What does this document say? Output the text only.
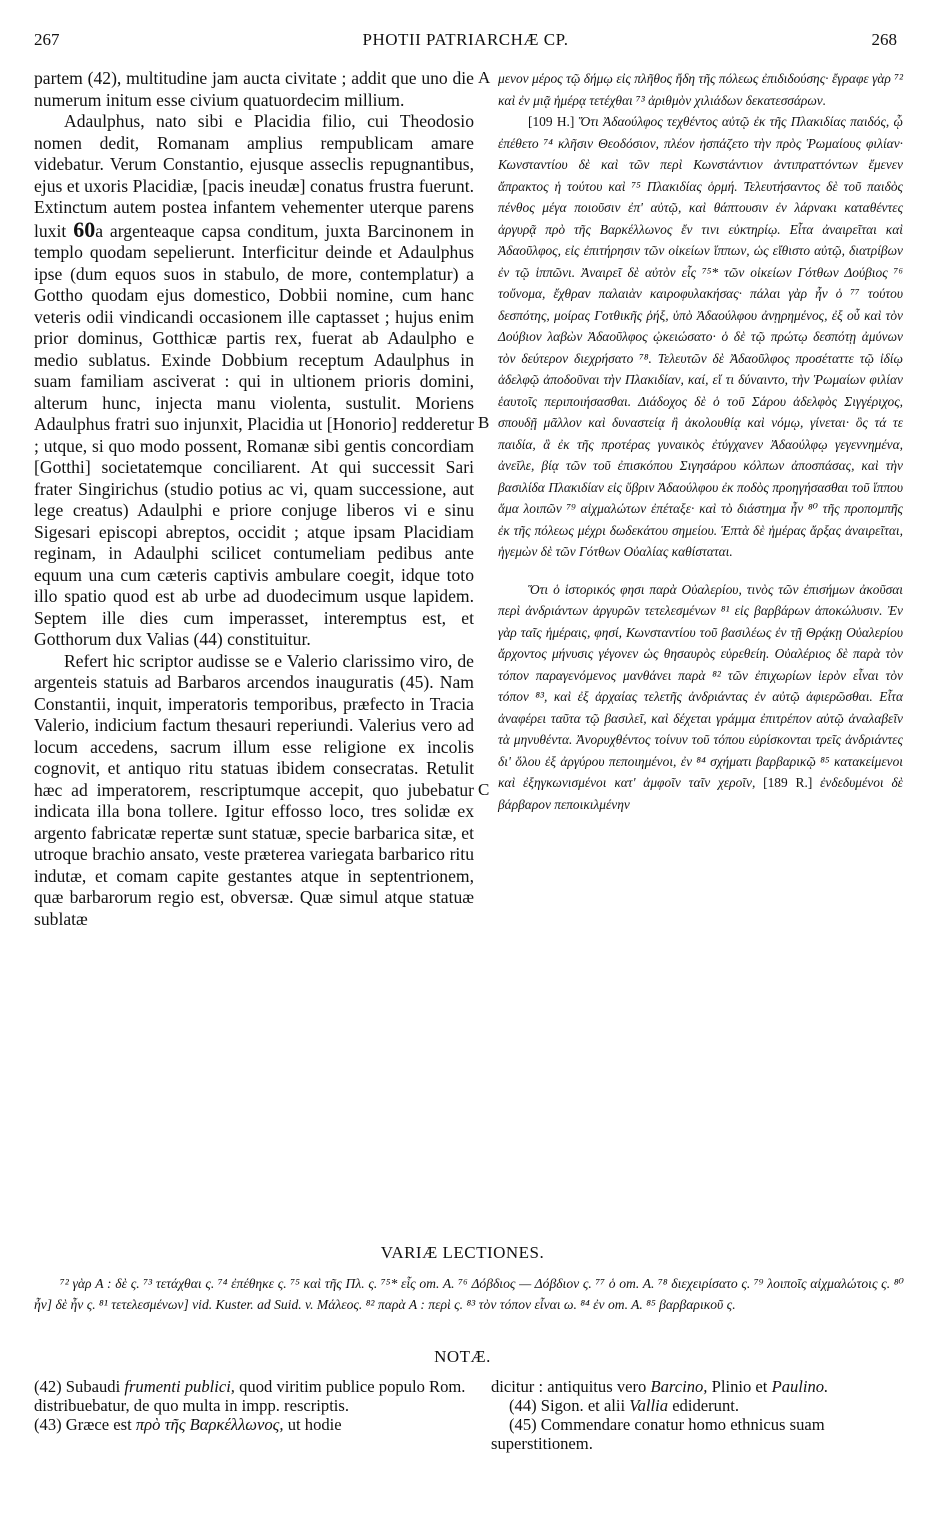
267	PHOTII PATRIARCHÆ CP.	268

partem (42), multitudine jam aucta civitate ; addit que uno die numerum initum esse civium quatuordecim millium.

Adaulphus, nato sibi e Placidia filio, cui Theodosio nomen dedit, Romanam amplius rempublicam amare videbatur. Verum Constantio, ejusque asseclis repugnantibus, ejus et uxoris Placidiæ, [pacis ineudæ] conatus frustra fuerunt. Extinctum autem postea infantem vehementer uterque parens luxit 60a argenteaque capsa conditum, juxta Barcinonem in templo quodam sepelierunt. Interficitur deinde et Adaulphus ipse (dum equos suos in stabulo, de more, contemplatur) a Gottho quodam ejus domestico, Dobbii nomine, cum hanc veteris odii vindicandi occasionem ille captasset ; hujus enim prior dominus, Gotthicæ partis rex, fuerat ab Adaulpho e medio sublatus. Exinde Dobbium receptum Adaulphus in suam familiam asciverat : qui in ultionem prioris domini, alterum hunc, injecta manu violenta, sustulit. Moriens Adaulphus fratri suo injunxit, Placidia ut [Honorio] redderetur ; utque, si quo modo possent, Romanæ sibi gentis concordiam [Gotthi] societatemque conciliarent. At qui successit Sari frater Singirichus (studio potius ac vi, quam successione, aut lege creatus) Adaulphi e priore conjuge liberos vi e sinu Sigesari episcopi abreptos, occidit ; atque ipsam Placidiam reginam, in Adaulphi scilicet contumeliam pedibus ante equum una cum cæteris captivis ambulare coegit, idque toto illo spatio quod est ab urbe ad duodecimum usque lapidem. Septem ille dies cum imperasset, interemptus est, et Gotthorum dux Valias (44) constituitur.

Refert hic scriptor audisse se e Valerio clarissimo viro, de argenteis statuis ad Barbaros arcendos inauguratis (45). Nam Constantii, inquit, imperatoris temporibus, præfecto in Tracia Valerio, indicium factum thesauri reperiundi. Valerius vero ad locum accedens, sacrum illum esse religione ex incolis cognovit, et antiquo ritu statuas ibidem consecratas. Retulit hæc ad imperatorem, rescriptumque accepit, quo jubebatur indicata illa bona tollere. Igitur effosso loco, tres solidæ ex argento fabricatæ repertæ sunt statuæ, specie barbarica sitæ, et utroque brachio ansato, veste præterea variegata barbarico ritu indutæ, et comam capite gestantes atque in septentrionem, quæ barbarorum regio est, obversæ. Quæ simul atque statuæ sublatæ

A
B
C

μενον μέρος τῷ δήμῳ εἰς πλῆθος ἤδη τῆς πόλεως ἐπιδιδούσης· ἔγραφε γὰρ ⁷² καὶ ἐν μιᾷ ἡμέρᾳ τετέχθαι ⁷³ ἀριθμὸν χιλιάδων δεκατεσσάρων.

[109 H.] Ὅτι Ἀδαούλφος τεχθέντος αὐτῷ ἐκ τῆς Πλακιδίας παιδός, ᾧ ἐπέθετο ⁷⁴ κλῆσιν Θεοδόσιον, πλέον ἠσπάζετο τὴν πρὸς Ῥωμαίους φιλίαν· Κωνσταντίου δὲ καὶ τῶν περὶ Κωνστάντιον ἀντιπραττόντων ἔμενεν ἄπρακτος ἡ τούτου καὶ ⁷⁵ Πλακιδίας ὁρμή. Τελευτήσαντος δὲ τοῦ παιδὸς πένθος μέγα ποιοῦσιν ἐπ' αὐτῷ, καὶ θάπτουσιν ἐν λάρνακι καταθέντες ἀργυρᾷ πρὸ τῆς Βαρκέλλωνος ἔν τινι εὐκτηρίῳ. Εἶτα ἀναιρεῖται καὶ Ἀδαοῦλφος, εἰς ἐπιτήρησιν τῶν οἰκείων ἵππων, ὡς εἴθιστο αὐτῷ, διατρίβων ἐν τῷ ἱππῶνι. Ἀναιρεῖ δὲ αὐτὸν εἷς ⁷⁵* τῶν οἰκείων Γότθων Δούβιος ⁷⁶ τοὔνομα, ἔχθραν παλαιὰν καιροφυλακήσας· πάλαι γὰρ ἦν ὁ ⁷⁷ τούτου δεσπότης, μοίρας Γοτθικῆς ῥήξ, ὑπὸ Ἀδαούλφου ἀνῃρημένος, ἐξ οὗ καὶ τὸν Δούβιον λαβὼν Ἀδαοῦλφος ᾠκειώσατο· ὁ δὲ τῷ πρώτῳ δεσπότῃ ἀμύνων τὸν δεύτερον διεχρήσατο ⁷⁸. Τελευτῶν δὲ Ἀδαοῦλφος προσέταττε τῷ ἰδίῳ ἀδελφῷ ἀποδοῦναι τὴν Πλακιδίαν, καί, εἴ τι δύναιντο, τὴν Ῥωμαίων φιλίαν ἑαυτοῖς περιποιήσασθαι. Διάδοχος δὲ ὁ τοῦ Σάρου ἀδελφὸς Σιγγέριχος, σπουδῇ μᾶλλον καὶ δυναστείᾳ ἢ ἀκολουθίᾳ καὶ νόμῳ, γίνεται· ὃς τά τε παιδία, ἃ ἐκ τῆς προτέρας γυναικὸς ἐτύγχανεν Ἀδαούλφῳ γεγεννημένα, ἀνεῖλε, βίᾳ τῶν τοῦ ἐπισκόπου Σιγησάρου κόλπων ἀποσπάσας, καὶ τὴν βασιλίδα Πλακιδίαν εἰς ὕβριν Ἀδαούλφου ἐκ ποδὸς προηγήσασθαι τοῦ ἵππου ἅμα λοιπῶν ⁷⁹ αἰχμαλώτων ἐπέταξε· καὶ τὸ διάστημα ἦν ⁸⁰ τῆς προπομπῆς ἐκ τῆς πόλεως μέχρι δωδεκάτου σημείου. Ἑπτὰ δὲ ἡμέρας ἄρξας ἀναιρεῖται, ἡγεμὼν δὲ τῶν Γότθων Οὐαλίας καθίσταται.

Ὅτι ὁ ἱστορικός φησι παρὰ Οὐαλερίου, τινὸς τῶν ἐπισήμων ἀκοῦσαι περὶ ἀνδριάντων ἀργυρῶν τετελεσμένων ⁸¹ εἰς βαρβάρων ἀποκώλυσιν. Ἐν γὰρ ταῖς ἡμέραις, φησί, Κωνσταντίου τοῦ βασιλέως ἐν τῇ Θρᾴκῃ Οὐαλερίου ἄρχοντος μήνυσις γέγονεν ὡς θησαυρὸς εὑρεθείη. Οὐαλέριος δὲ παρὰ τὸν τόπον παραγενόμενος μανθάνει παρὰ ⁸² τῶν ἐπιχωρίων ἱερὸν εἶναι τὸν τόπον ⁸³, καὶ ἐξ ἀρχαίας τελετῆς ἀνδριάντας ἐν αὐτῷ ἀφιερῶσθαι. Εἶτα ἀναφέρει ταῦτα τῷ βασιλεῖ, καὶ δέχεται γράμμα ἐπιτρέπον αὐτῷ ἀναλαβεῖν τὰ μηνυθέντα. Ἀνορυχθέντος τοίνυν τοῦ τόπου εὑρίσκονται τρεῖς ἀνδριάντες δι' ὅλου ἐξ ἀργύρου πεποιημένοι, ἐν ⁸⁴ σχήματι βαρβαρικῷ ⁸⁵ κατακείμενοι καὶ ἐξηγκωνισμένοι κατ' ἀμφοῖν ταῖν χεροῖν, [189 R.] ἐνδεδυμένοι δὲ βάρβαρον πεποικιλμένην

VARIÆ LECTIONES.
⁷² γὰρ A : δὲ ς. ⁷³ τετάχθαι ς. ⁷⁴ ἐπέθηκε ς. ⁷⁵ καὶ τῆς Πλ. ς. ⁷⁵* εἷς om. A. ⁷⁶ Δόβδιος — Δόβδιον ς. ⁷⁷ ὁ om. A. ⁷⁸ διεχειρίσατο ς. ⁷⁹ λοιποῖς αἰχμαλώτοις ς. ⁸⁰ ἦν] δὲ ἦν ς. ⁸¹ τετελεσμένων] vid. Kuster. ad Suid. v. Μάλεος. ⁸² παρὰ A : περὶ ς. ⁸³ τὸν τόπον εἶναι ω. ⁸⁴ ἐν om. A. ⁸⁵ βαρβαρικοῦ ς.
NOTÆ.

(42) Subaudi frumenti publici, quod viritim publice populo Rom. distribuebatur, de quo multa in impp. rescriptis.

(43) Græce est πρὸ τῆς Βαρκέλλωνος, ut hodie

dicitur : antiquitus vero Barcino, Plinio et Paulino.

(44) Sigon. et alii Vallia ediderunt.

(45) Commendare conatur homo ethnicus suam superstitionem.
